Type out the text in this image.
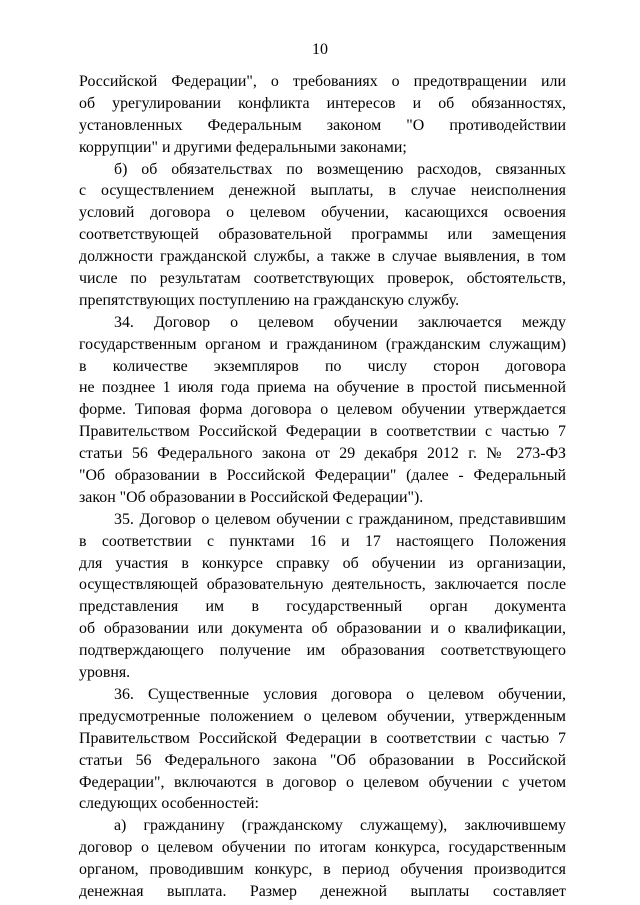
10
Российской Федерации", о требованиях о предотвращении или
об урегулировании конфликта интересов и об обязанностях,
установленных Федеральным законом "О противодействии
коррупции" и другими федеральными законами;
б) об обязательствах по возмещению расходов, связанных
с осуществлением денежной выплаты, в случае неисполнения
условий договора о целевом обучении, касающихся освоения
соответствующей образовательной программы или замещения
должности гражданской службы, а также в случае выявления, в том
числе по результатам соответствующих проверок, обстоятельств,
препятствующих поступлению на гражданскую службу.
34. Договор о целевом обучении заключается между
государственным органом и гражданином (гражданским служащим)
в количестве экземпляров по числу сторон договора
не позднее 1 июля года приема на обучение в простой письменной
форме. Типовая форма договора о целевом обучении утверждается
Правительством Российской Федерации в соответствии с частью 7
статьи 56 Федерального закона от 29 декабря 2012 г. № 273-ФЗ
"Об образовании в Российской Федерации" (далее - Федеральный
закон "Об образовании в Российской Федерации").
35. Договор о целевом обучении с гражданином, представившим
в соответствии с пунктами 16 и 17 настоящего Положения
для участия в конкурсе справку об обучении из организации,
осуществляющей образовательную деятельность, заключается после
представления им в государственный орган документа
об образовании или документа об образовании и о квалификации,
подтверждающего получение им образования соответствующего
уровня.
36. Существенные условия договора о целевом обучении,
предусмотренные положением о целевом обучении, утвержденным
Правительством Российской Федерации в соответствии с частью 7
статьи 56 Федерального закона "Об образовании в Российской
Федерации", включаются в договор о целевом обучении с учетом
следующих особенностей:
а) гражданину (гражданскому служащему), заключившему
договор о целевом обучении по итогам конкурса, государственным
органом, проводившим конкурс, в период обучения производится
денежная выплата. Размер денежной выплаты составляет
